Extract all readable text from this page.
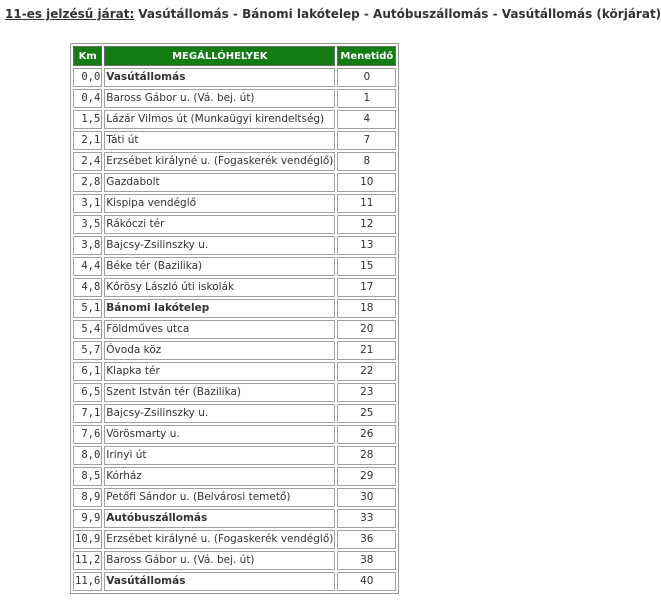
11-es jelzésű járat: Vasútállomás - Bánomi lakótelep - Autóbuszállomás - Vasútállomás (körjárat)

Km	MEGÁLLÓHELYEK	Menetidő
0,0	Vasútállomás	0
0,4	Baross Gábor u. (Vá. bej. út)	1
1,5	Lázár Vilmos út (Munkaügyi kirendeltség)	4
2,1	Táti út	7
2,4	Erzsébet királyné u. (Fogaskerék vendéglő)	8
2,8	Gazdabolt	10
3,1	Kispipa vendéglő	11
3,5	Rákóczi tér	12
3,8	Bajcsy-Zsilinszky u.	13
4,4	Béke tér (Bazilika)	15
4,8	Kőrösy László úti iskolák	17
5,1	Bánomi lakótelep	18
5,4	Földműves utca	20
5,7	Óvoda köz	21
6,1	Klapka tér	22
6,5	Szent István tér (Bazilika)	23
7,1	Bajcsy-Zsilinszky u.	25
7,6	Vörösmarty u.	26
8,0	Irinyi út	28
8,5	Kórház	29
8,9	Petőfi Sándor u. (Belvárosi temető)	30
9,9	Autóbuszállomás	33
10,9	Erzsébet királyné u. (Fogaskerék vendéglő)	36
11,2	Baross Gábor u. (Vá. bej. út)	38
11,6	Vasútállomás	40
